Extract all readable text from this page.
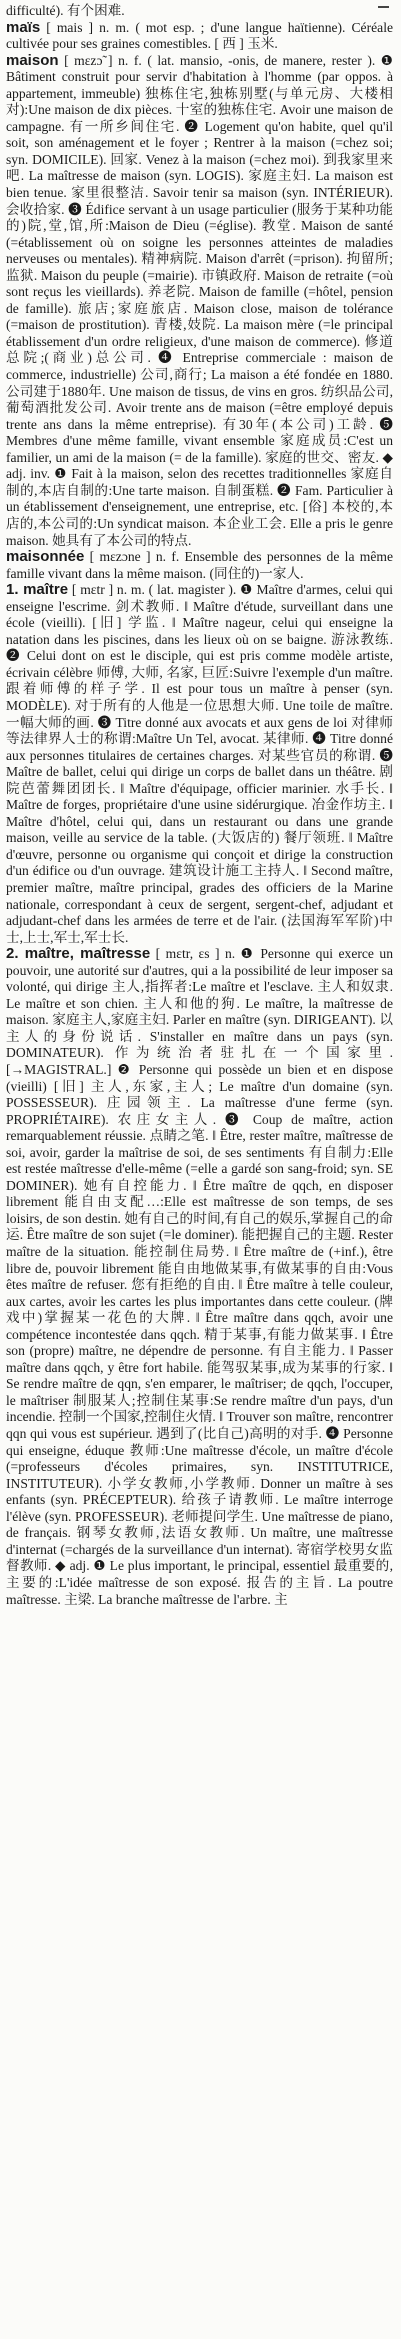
difficulté). 有个困难.

maïs [ mais ] n. m. ( mot esp. ; d'une langue haïtienne). Céréale cultivée pour ses graines comestibles. [ 西 ] 玉米.

maison [ mɛzɔ̃ ] n. f. ( lat. mansio, -onis, de manere, rester ). ❶ Bâtiment construit pour servir d'habitation à l'homme (par oppos. à appartement, immeuble) 独栋住宅,独栋别墅(与单元房、大楼相对):Une maison de dix pièces. 十室的独栋住宅. Avoir une maison de campagne. 有一所乡间住宅. ❷ Logement qu'on habite, quel qu'il soit, son aménagement et le foyer ; Rentrer à la maison (=chez soi; syn. DOMICILE). 回家. Venez à la maison (=chez moi). 到我家里来吧. La maîtresse de maison (syn. LOGIS). 家庭主妇. La maison est bien tenue. 家里很整洁. Savoir tenir sa maison (syn. INTÉRIEUR). 会收拾家. ❸ Édifice servant à un usage particulier (服务于某种功能的)院,堂,馆,所:Maison de Dieu (=église). 教堂. Maison de santé (=établissement où on soigne les personnes atteintes de maladies nerveuses ou mentales). 精神病院. Maison d'arrêt (=prison). 拘留所;监狱. Maison du peuple (=mairie). 市镇政府. Maison de retraite (=où sont reçus les vieillards). 养老院. Maison de famille (=hôtel, pension de famille). 旅店;家庭旅店. Maison close, maison de tolérance (=maison de prostitution). 青楼,妓院. La maison mère (=le principal établissement d'un ordre religieux, d'une maison de commerce). 修道总院;(商业)总公司. ❹ Entreprise commerciale : maison de commerce, industrielle) 公司,商行; La maison a été fondée en 1880. 公司建于1880年. Une maison de tissus, de vins en gros. 纺织品公司,葡萄酒批发公司. Avoir trente ans de maison (=être employé depuis trente ans dans la même entreprise). 有30年(本公司)工龄. ❺ Membres d'une même famille, vivant ensemble 家庭成员:C'est un familier, un ami de la maison (= de la famille). 家庭的世交、密友. ◆ adj. inv. ❶ Fait à la maison, selon des recettes traditionnelles 家庭自制的,本店自制的:Une tarte maison. 自制蛋糕. ❷ Fam. Particulier à un établissement d'enseignement, une entreprise, etc. [俗] 本校的,本店的,本公司的:Un syndicat maison. 本企业工会. Elle a pris le genre maison. 她具有了本公司的特点.

maisonnée [ mɛzɔne ] n. f. Ensemble des personnes de la même famille vivant dans la même maison. (同住的)一家人.

1. maître [ mɛtr ] n. m. ( lat. magister ). ❶ Maître d'armes, celui qui enseigne l'escrime. 剑术教师. ‖ Maître d'étude, surveillant dans une école (vieilli). [旧] 学监. ‖ Maître nageur, celui qui enseigne la natation dans les piscines, dans les lieux où on se baigne. 游泳教练. ❷ Celui dont on est le disciple, qui est pris comme modèle artiste, écrivain célèbre 师傅, 大师, 名家, 巨匠:Suivre l'exemple d'un maître. 跟着师傅的样子学. Il est pour tous un maître à penser (syn. MODÈLE). 对于所有的人他是一位思想大师. Une toile de maître. 一幅大师的画. ❸ Titre donné aux avocats et aux gens de loi 对律师等法律界人士的称谓:Maître Un Tel, avocat. 某律师. ❹ Titre donné aux personnes titulaires de certaines charges. 对某些官员的称谓. ❺ Maître de ballet, celui qui dirige un corps de ballet dans un théâtre. 剧院芭蕾舞团团长. ‖ Maître d'équipage, officier marinier. 水手长. ‖ Maître de forges, propriétaire d'une usine sidérurgique. 冶金作坊主. ‖ Maître d'hôtel, celui qui, dans un restaurant ou dans une grande maison, veille au service de la table. (大饭店的) 餐厅领班. ‖ Maître d'œuvre, personne ou organisme qui conçoit et dirige la construction d'un édifice ou d'un ouvrage. 建筑设计施工主持人. ‖ Second maître, premier maître, maître principal, grades des officiers de la Marine nationale, correspondant à ceux de sergent, sergent-chef, adjudant et adjudant-chef dans les armées de terre et de l'air. (法国海军军阶)中士,上士,军士,军士长.

2. maître, maîtresse [ mɛtr, ɛs ] n. ❶ Personne qui exerce un pouvoir, une autorité sur d'autres, qui a la possibilité de leur imposer sa volonté, qui dirige 主人,指挥者:Le maître et l'esclave. 主人和奴隶. Le maître et son chien. 主人和他的狗. Le maître, la maîtresse de maison. 家庭主人,家庭主妇. Parler en maître (syn. DIRIGEANT). 以主人的身份说话. S'installer en maître dans un pays (syn. DOMINATEUR). 作为统治者驻扎在一个国家里. [→MAGISTRAL.] ❷ Personne qui possède un bien et en dispose (vieilli) [旧] 主人,东家,主人; Le maître d'un domaine (syn. POSSESSEUR). 庄园领主. La maîtresse d'une ferme (syn. PROPRIÉTAIRE). 农庄女主人. ❸ Coup de maître, action remarquablement réussie. 点睛之笔. ‖ Être, rester maître, maîtresse de soi, avoir, garder la maîtrise de soi, de ses sentiments 有自制力:Elle est restée maîtresse d'elle-même (=elle a gardé son sang-froid; syn. SE DOMINER). 她有自控能力. ‖ Être maître de qqch, en disposer librement 能自由支配…:Elle est maîtresse de son temps, de ses loisirs, de son destin. 她有自己的时间,有自己的娱乐,掌握自己的命运. Être maître de son sujet (=le dominer). 能把握自己的主题. Rester maître de la situation. 能控制住局势. ‖ Être maître de (+inf.), être libre de, pouvoir librement 能自由地做某事,有做某事的自由:Vous êtes maître de refuser. 您有拒绝的自由. ‖ Être maître à telle couleur, aux cartes, avoir les cartes les plus importantes dans cette couleur. (牌戏中)掌握某一花色的大牌. ‖ Être maître dans qqch, avoir une compétence incontestée dans qqch. 精于某事,有能力做某事. ‖ Être son (propre) maître, ne dépendre de personne. 有自主能力. ‖ Passer maître dans qqch, y être fort habile. 能驾驭某事,成为某事的行家. ‖ Se rendre maître de qqn, s'en emparer, le maîtriser; de qqch, l'occuper, le maîtriser 制服某人;控制住某事:Se rendre maître d'un pays, d'un incendie. 控制一个国家,控制住火情. ‖ Trouver son maître, rencontrer qqn qui vous est supérieur. 遇到了(比自己)高明的对手. ❹ Personne qui enseigne, éduque 教师:Une maîtresse d'école, un maître d'école (=professeurs d'écoles primaires, syn. INSTITUTRICE, INSTITUTEUR). 小学女教师,小学教师. Donner un maître à ses enfants (syn. PRÉCEPTEUR). 给孩子请教师. Le maître interroge l'élève (syn. PROFESSEUR). 老师提问学生. Une maîtresse de piano, de français. 钢琴女教师,法语女教师. Un maître, une maîtresse d'internat (=chargés de la surveillance d'un internat). 寄宿学校男女监督教师. ◆ adj. ❶ Le plus important, le principal, essentiel 最重要的,主要的:L'idée maîtresse de son exposé. 报告的主旨. La poutre maîtresse. 主梁. La branche maîtresse de l'arbre. 主
